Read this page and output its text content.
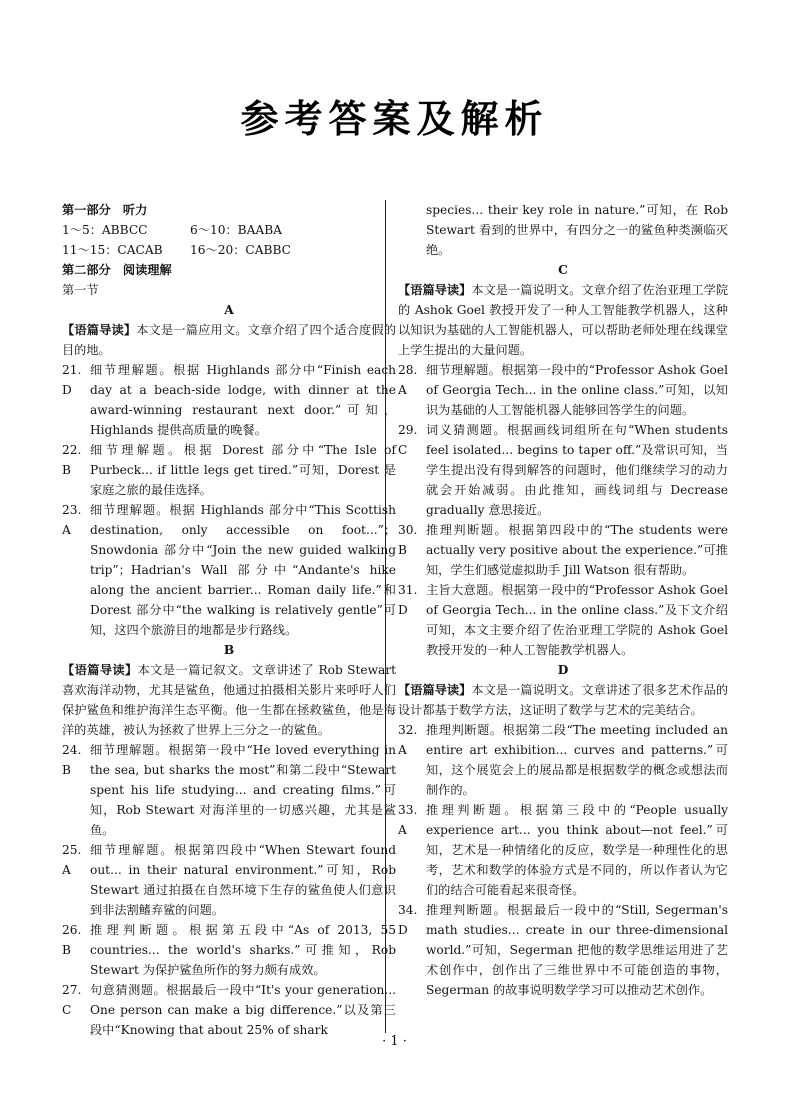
参考答案及解析
第一部分　听力
1～5：ABBCC	6～10：BAABA
11～15：CACAB	16～20：CABBC
第二部分　阅读理解
第一节
A
【语篇导读】本文是一篇应用文。文章介绍了四个适合度假的目的地。
21. D
细节理解题。根据 Highlands 部分中“Finish each day at a beach-side lodge, with dinner at the award-winning restaurant next door.”可知，Highlands 提供高质量的晚餐。
22. B
细节理解题。根据 Dorest 部分中“The Isle of Purbeck... if little legs get tired.”可知，Dorest 是家庭之旅的最佳选择。
23. A
细节理解题。根据 Highlands 部分中“This Scottish destination, only accessible on foot...”；Snowdonia 部分中“Join the new guided walking trip”；Hadrian's Wall 部分中“Andante's hike along the ancient barrier... Roman daily life.”和 Dorest 部分中“the walking is relatively gentle”可知，这四个旅游目的地都是步行路线。
B
【语篇导读】本文是一篇记叙文。文章讲述了 Rob Stewart 喜欢海洋动物，尤其是鲨鱼，他通过拍摄相关影片来呼吁人们保护鲨鱼和维护海洋生态平衡。他一生都在拯救鲨鱼，他是海洋的英雄，被认为拯救了世界上三分之一的鲨鱼。
24. B
细节理解题。根据第一段中“He loved everything in the sea, but sharks the most”和第二段中“Stewart spent his life studying... and creating films.”可知，Rob Stewart 对海洋里的一切感兴趣，尤其是鲨鱼。
25. A
细节理解题。根据第四段中“When Stewart found out... in their natural environment.”可知，Rob Stewart 通过拍摄在自然环境下生存的鲨鱼使人们意识到非法割鳍弃鲨的问题。
26. B
推理判断题。根据第五段中“As of 2013, 55 countries... the world's sharks.”可推知，Rob Stewart 为保护鲨鱼所作的努力颇有成效。
27. C
句意猜测题。根据最后一段中“It's your generation... One person can make a big difference.”以及第三段中“Knowing that about 25% of shark
species... their key role in nature.”可知，在 Rob Stewart 看到的世界中，有四分之一的鲨鱼种类濒临灭绝。
C
【语篇导读】本文是一篇说明文。文章介绍了佐治亚理工学院的 Ashok Goel 教授开发了一种人工智能教学机器人，这种以知识为基础的人工智能机器人，可以帮助老师处理在线课堂上学生提出的大量问题。
28. A
细节理解题。根据第一段中的“Professor Ashok Goel of Georgia Tech... in the online class.”可知，以知识为基础的人工智能机器人能够回答学生的问题。
29. C
词义猜测题。根据画线词组所在句“When students feel isolated... begins to taper off.”及常识可知，当学生提出没有得到解答的问题时，他们继续学习的动力就会开始减弱。由此推知，画线词组与 Decrease gradually 意思接近。
30. B
推理判断题。根据第四段中的“The students were actually very positive about the experience.”可推知，学生们感觉虚拟助手 Jill Watson 很有帮助。
31. D
主旨大意题。根据第一段中的“Professor Ashok Goel of Georgia Tech... in the online class.”及下文介绍可知，本文主要介绍了佐治亚理工学院的 Ashok Goel 教授开发的一种人工智能教学机器人。
D
【语篇导读】本文是一篇说明文。文章讲述了很多艺术作品的设计都基于数学方法，这证明了数学与艺术的完美结合。
32. A
推理判断题。根据第二段“The meeting included an entire art exhibition... curves and patterns.”可知，这个展览会上的展品都是根据数学的概念或想法而制作的。
33. A
推理判断题。根据第三段中的“People usually experience art... you think about—not feel.”可知，艺术是一种情绪化的反应，数学是一种理性化的思考，艺术和数学的体验方式是不同的，所以作者认为它们的结合可能看起来很奇怪。
34. D
推理判断题。根据最后一段中的“Still, Segerman's math studies... create in our three-dimensional world.”可知，Segerman 把他的数学思维运用进了艺术创作中，创作出了三维世界中不可能创造的事物，Segerman 的故事说明数学学习可以推动艺术创作。
· 1 ·
